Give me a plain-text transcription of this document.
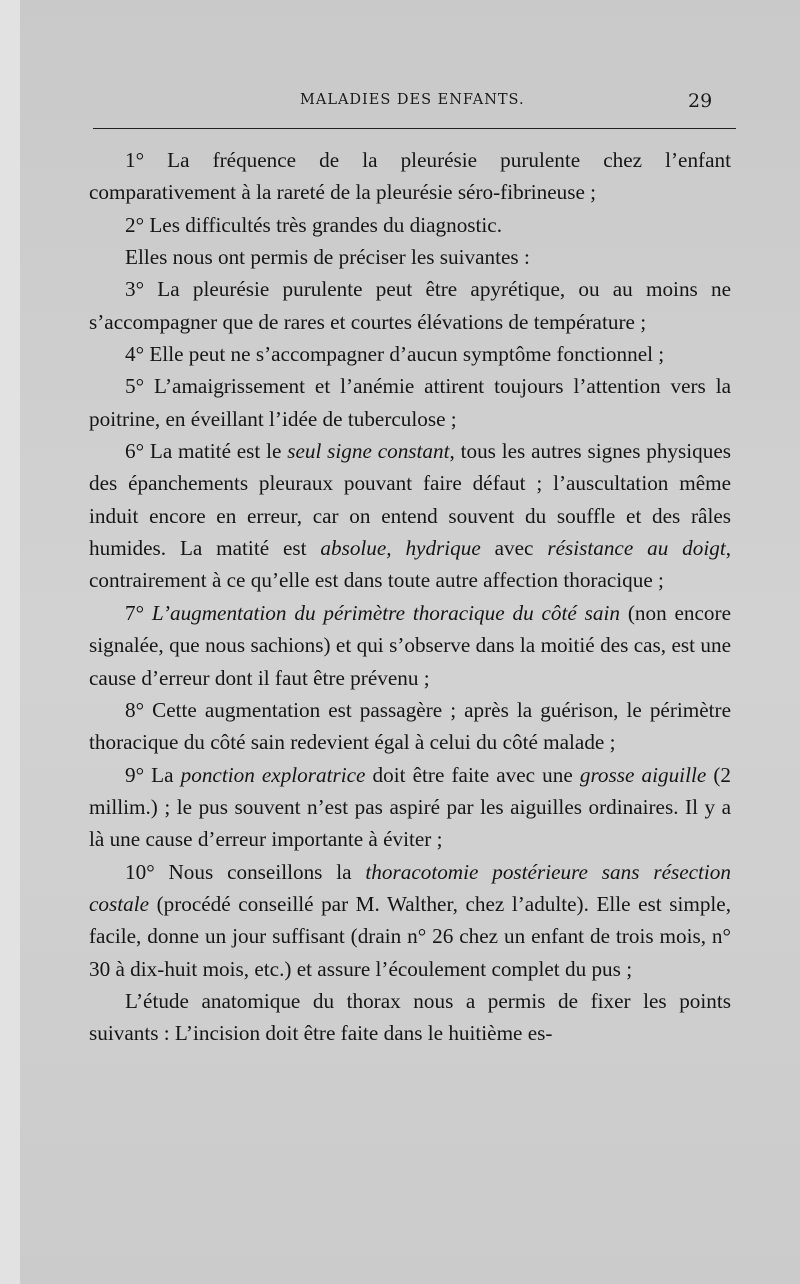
MALADIES DES ENFANTS.	29

1° La fréquence de la pleurésie purulente chez l’enfant comparativement à la rareté de la pleurésie séro-fibrineuse ;

2° Les difficultés très grandes du diagnostic.

Elles nous ont permis de préciser les suivantes :

3° La pleurésie purulente peut être apyrétique, ou au moins ne s’accompagner que de rares et courtes élévations de température ;

4° Elle peut ne s’accompagner d’aucun symptôme fonctionnel ;

5° L’amaigrissement et l’anémie attirent toujours l’attention vers la poitrine, en éveillant l’idée de tuberculose ;

6° La matité est le seul signe constant, tous les autres signes physiques des épanchements pleuraux pouvant faire défaut ; l’auscultation même induit encore en erreur, car on entend souvent du souffle et des râles humides. La matité est absolue, hydrique avec résistance au doigt, contrairement à ce qu’elle est dans toute autre affection thoracique ;

7° L’augmentation du périmètre thoracique du côté sain (non encore signalée, que nous sachions) et qui s’observe dans la moitié des cas, est une cause d’erreur dont il faut être prévenu ;

8° Cette augmentation est passagère ; après la guérison, le périmètre thoracique du côté sain redevient égal à celui du côté malade ;

9° La ponction exploratrice doit être faite avec une grosse aiguille (2 millim.) ; le pus souvent n’est pas aspiré par les aiguilles ordinaires. Il y a là une cause d’erreur importante à éviter ;

10° Nous conseillons la thoracotomie postérieure sans résection costale (procédé conseillé par M. Walther, chez l’adulte). Elle est simple, facile, donne un jour suffisant (drain n° 26 chez un enfant de trois mois, n° 30 à dix-huit mois, etc.) et assure l’écoulement complet du pus ;

L’étude anatomique du thorax nous a permis de fixer les points suivants : L’incision doit être faite dans le huitième es-
